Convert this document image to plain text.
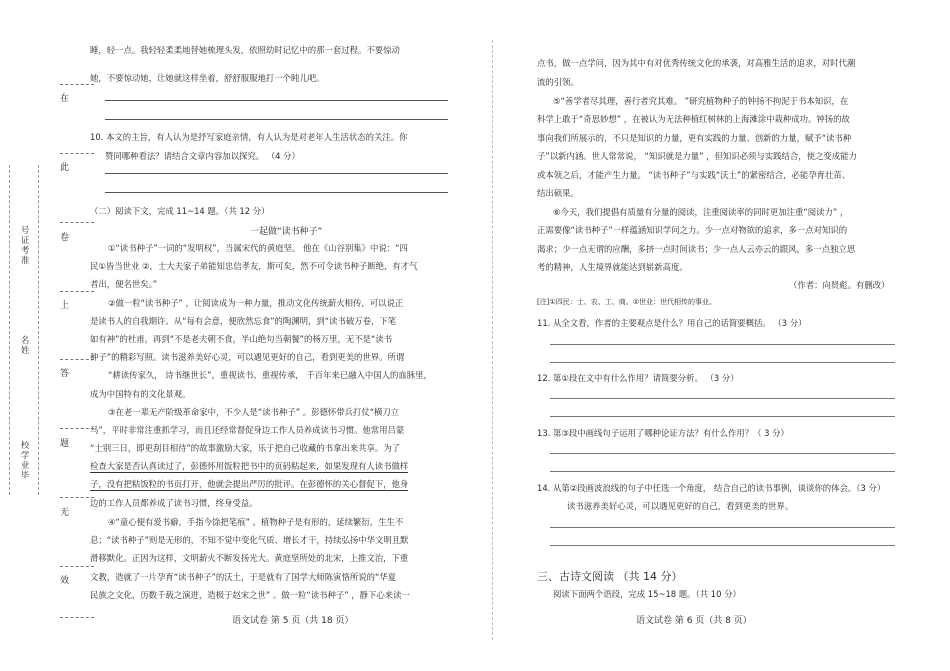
号证考准
名姓
校学业毕
在
此
卷
上
答
题
无
效
睡，轻一点。我轻轻柔柔地替她梳理头发，依照幼时记忆中的那一套过程。不要惊动
她，不要惊动她，让她就这样坐着，舒舒服服地打一个盹儿吧。
10. 本文的主旨，有人认为是抒写家庭亲情，有人认为是对老年人生活状态的关注。你
赞同哪种看法？请结合文章内容加以探究。 （4 分）
（二）阅读下文，完成 11~14 题。（共 12 分）
一起做“读书种子”
①“读书种子”一词的“发明权”，当属宋代的黄庭坚。 他在《山谷别集》中说：“四
民①皆当世业 ②，士大夫家子弟能知忠信孝友，斯可矣，然不可令读书种子断绝，有才气
者出，便名世矣。”
②做一粒“读书种子” ，让阅读成为一种力量，推动文化传统薪火相传，可以说正
是读书人的自我期许。从“每有会意，便欣然忘食”的陶渊明，到“读书破万卷，下笔
如有神”的杜甫，再到“不是老夫朝不食，半山绝句当朝餐”的杨万里，无不是“读书
种子”的精彩写照。读书滋养美好心灵，可以遇见更好的自己，看到更美的世界。所谓
“耕读传家久， 诗书继世长”，重视读书、重视传承， 千百年来已融入中国人的血脉里，
成为中国特有的文化景观。
③在老一辈无产阶级革命家中，不少人是“读书种子” 。彭德怀带兵打仗“横刀立
马”，平时非常注重抓学习，而且还经常督促身边工作人员养成读书习惯。他常用吕蒙
“士别三日，即更刮目相待”的故事激励大家，乐于把自己收藏的书拿出来共享。为了
检查大家是否认真读过了，彭德怀用饭粒把书中的页码粘起来，如果发现有人读书做样
子，没有把粘饭粒的书页打开，他就会提出严厉的批评。在彭德怀的关心督促下，他身
边的工作人员都养成了读书习惯，终身受益。
④“童心便有爱书癖，手指今馀把笔痕” 。植物种子是有形的，延续繁衍，生生不
息；“读书种子”则是无形的，不知不觉中变化气质、增长才干，持续弘扬中华文明且默
滑移默化。正因为这样，文明薪火不断发扬光大。黄庭坚所处的北宋，上推文治，下重
文教，造就了一片孕育“读书种子”的沃土，于是就有了国学大师陈寅恪所说的“华夏
民族之文化，历数千载之演进，造极于赵宋之世” 。做一粒“读书种子” ，静下心来读一
语文试卷 第 5 页（共 18 页）
点书，做一点学问，因为其中有对优秀传统文化的承袭，对高雅生活的追求，对时代潮
流的引领。
⑤“善学者尽其理，善行者究其难。 ”研究植物种子的钟扬不拘泥于书本知识，在
科学上敢于“奇思妙想” ，在被认为无法种植红树林的上海滩涂中栽种成功。钟扬的故
事向我们所展示的，不只是知识的力量，更有实践的力量、创新的力量，赋予“读书种
子”以新内涵。世人常常说， “知识就是力量” ，但知识必须与实践结合，使之变成能力
或本领之后，才能产生力量。 “读书种子”与实践“沃土”的紧密结合，必能孕育壮苗、
结出硕果。
⑥今天，我们提倡有质量有分量的阅读，注重阅读率的同时更加注重“阅读力” ，
正需要像“读书种子”一样蕴涵知识学问之力。少一点对物欲的追求，多一点对知识的
渴求；少一点无谓的应酬，多挤一点时间读书；少一点人云亦云的跟风，多一点独立思
考的精神，人生境界就能达到崭新高度。
（作者：向贤彪。有删改）
[注]①四民：士、农、工、商。②世业：世代相传的事业。
11. 从全文看，作者的主要观点是什么？用自己的话简要概括。 （3 分）
12. 第①段在文中有什么作用？请简要分析。 （3 分）
13. 第③段中画线句子运用了哪种论证方法？有什么作用？（ 3 分）
14. 从第②段画波浪线的句子中任选一个角度， 结合自己的读书事例，谈谈你的体会。（3 分）
读书滋养美好心灵，可以遇见更好的自己，看到更美的世界。
三、古诗文阅读 （共 14 分）
阅读下面两个语段，完成 15~18 题。（共 10 分）
语文试卷 第 6 页（共 8 页）
